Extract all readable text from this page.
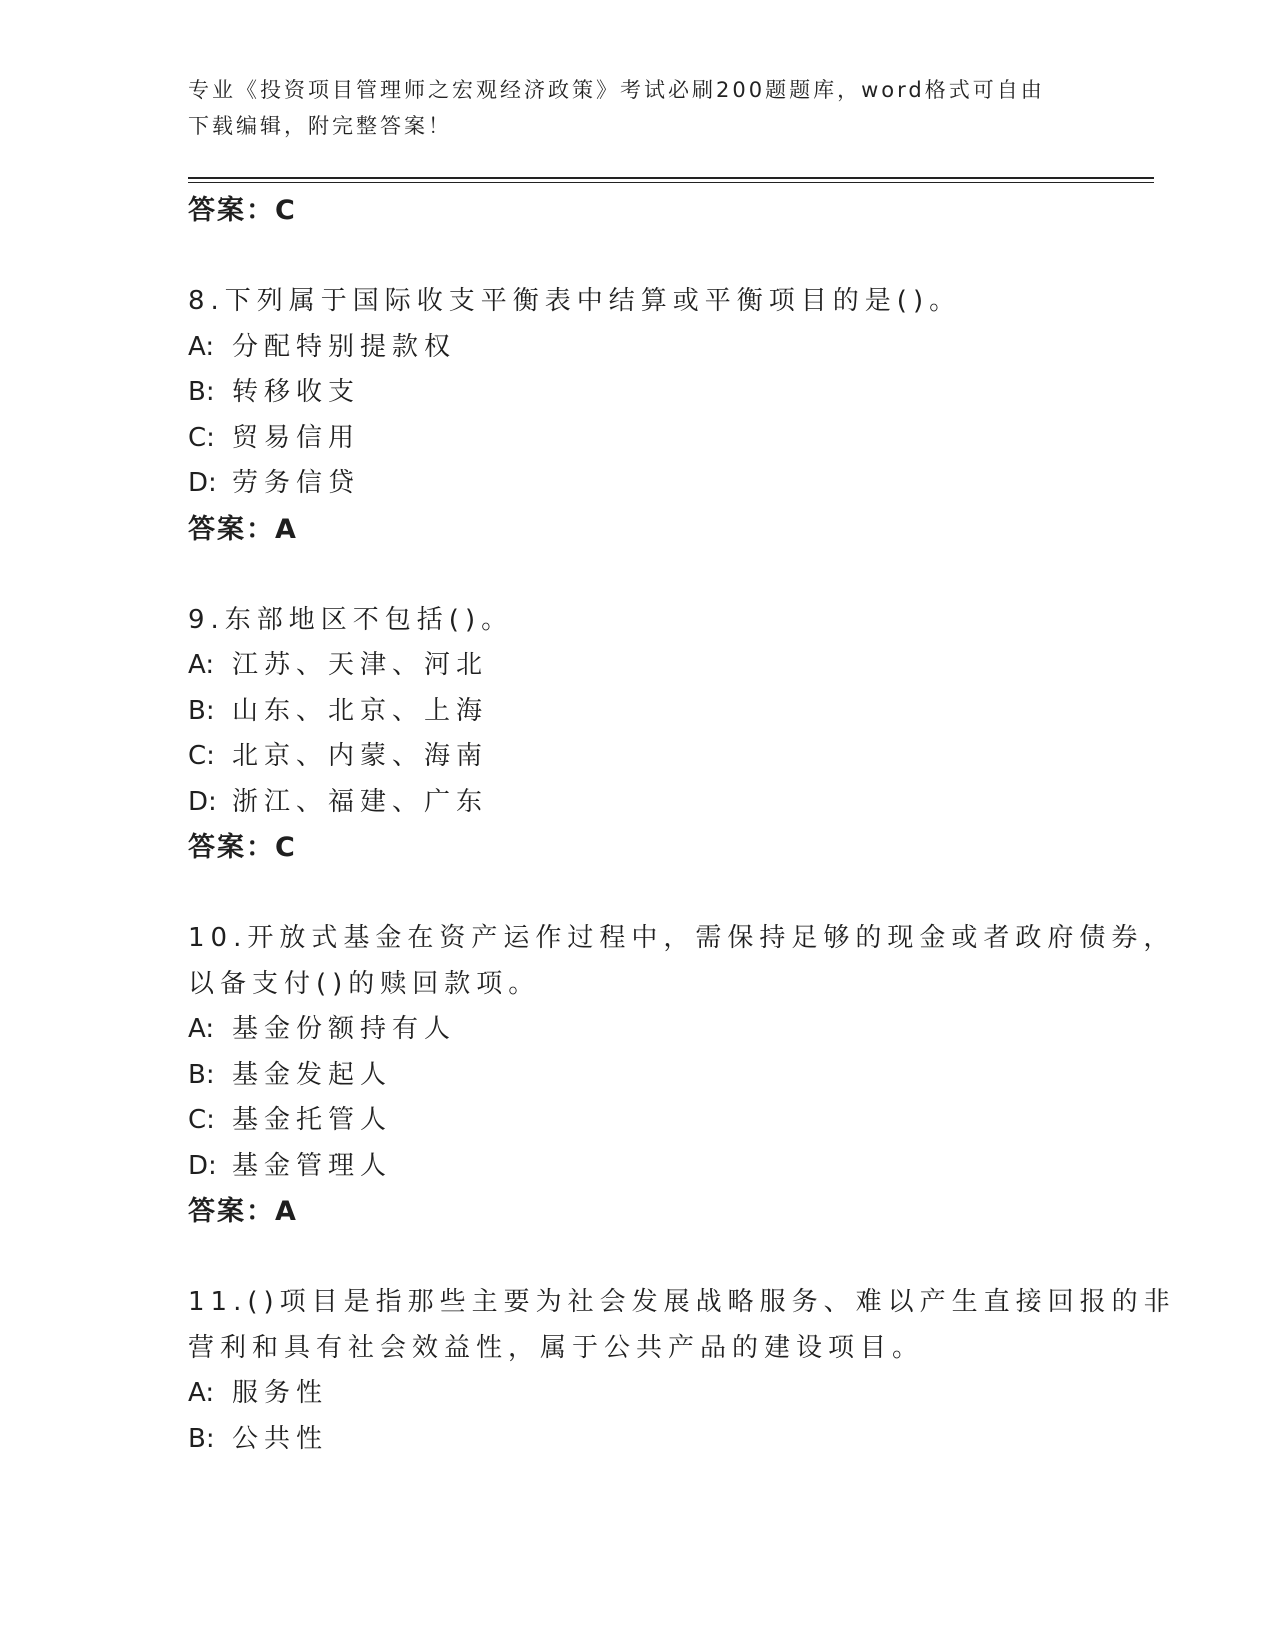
专业《投资项目管理师之宏观经济政策》考试必刷200题题库，word格式可自由
下载编辑，附完整答案！
答案：C
8.下列属于国际收支平衡表中结算或平衡项目的是()。
A: 分配特别提款权
B: 转移收支
C: 贸易信用
D: 劳务信贷
答案：A
9.东部地区不包括()。
A: 江苏、天津、河北
B: 山东、北京、上海
C: 北京、内蒙、海南
D: 浙江、福建、广东
答案：C
10.开放式基金在资产运作过程中，需保持足够的现金或者政府债券，
以备支付()的赎回款项。
A: 基金份额持有人
B: 基金发起人
C: 基金托管人
D: 基金管理人
答案：A
11.()项目是指那些主要为社会发展战略服务、难以产生直接回报的非
营利和具有社会效益性，属于公共产品的建设项目。
A: 服务性
B: 公共性
